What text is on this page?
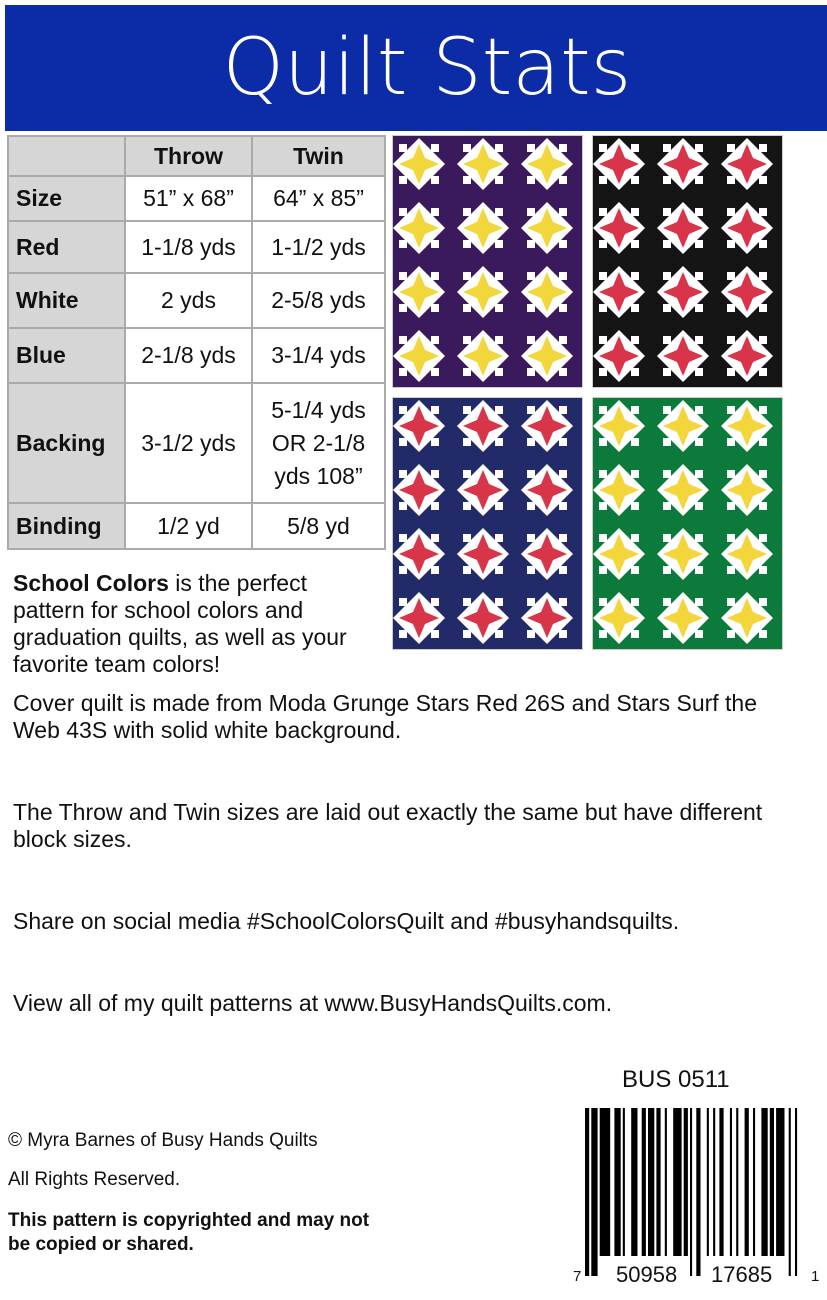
Quilt Stats
	Throw	Twin
Size	51” x 68”	64” x 85”
Red	1-1/8 yds	1-1/2 yds
White	2 yds	2-5/8 yds
Blue	2-1/8 yds	3-1/4 yds
Backing	3-1/2 yds	5-1/4 yds OR 2-1/8 yds 108”
Binding	1/2 yd	5/8 yd
School Colors is the perfect pattern for school colors and graduation quilts, as well as your favorite team colors!
Cover quilt is made from Moda Grunge Stars Red 26S and Stars Surf the Web 43S with solid white background.
The Throw and Twin sizes are laid out exactly the same but have different block sizes.
Share on social media #SchoolColorsQuilt and #busyhandsquilts.
View all of my quilt patterns at www.BusyHandsQuilts.com.
BUS 0511
7 50958 17685	1
© Myra Barnes of Busy Hands Quilts
All Rights Reserved.
This pattern is copyrighted and may not be copied or shared.
